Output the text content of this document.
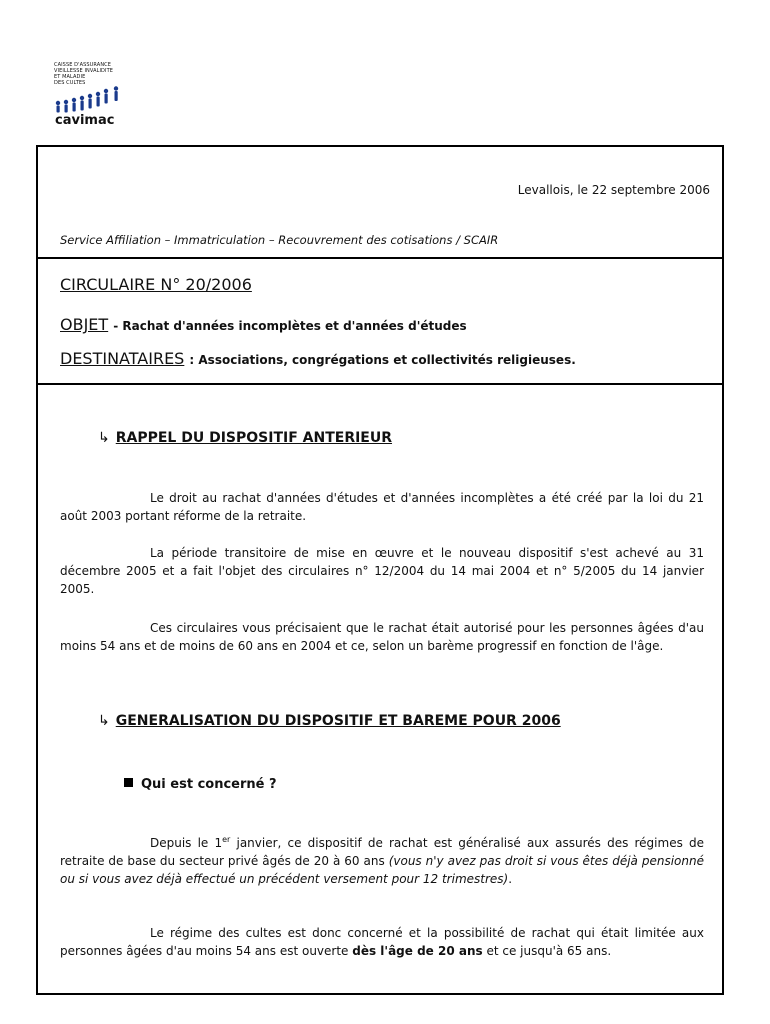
CAISSE D'ASSURANCE
VIEILLESSE INVALIDITE
ET MALADIE
DES CULTES
cavimac
Levallois, le 22 septembre 2006
Service Affiliation – Immatriculation – Recouvrement des cotisations / SCAIR
CIRCULAIRE N° 20/2006
OBJET - Rachat d'années incomplètes et d'années d'études
DESTINATAIRES : Associations, congrégations et collectivités religieuses.
↳ RAPPEL DU DISPOSITIF ANTERIEUR
Le droit au rachat d'années d'études et d'années incomplètes a été créé par la loi du 21 août 2003 portant réforme de la retraite.
La période transitoire de mise en œuvre et le nouveau dispositif s'est achevé au 31 décembre 2005 et a fait l'objet des circulaires n° 12/2004 du 14 mai 2004 et n° 5/2005 du 14 janvier 2005.
Ces circulaires vous précisaient que le rachat était autorisé pour les personnes âgées d'au moins 54 ans et de moins de 60 ans en 2004 et ce, selon un barème progressif en fonction de l'âge.
↳ GENERALISATION DU DISPOSITIF ET BAREME POUR 2006
Qui est concerné ?
Depuis le 1er janvier, ce dispositif de rachat est généralisé aux assurés des régimes de retraite de base du secteur privé âgés de 20 à 60 ans (vous n'y avez pas droit si vous êtes déjà pensionné ou si vous avez déjà effectué un précédent versement pour 12 trimestres).
Le régime des cultes est donc concerné et la possibilité de rachat qui était limitée aux personnes âgées d'au moins 54 ans est ouverte dès l'âge de 20 ans et ce jusqu'à 65 ans.
